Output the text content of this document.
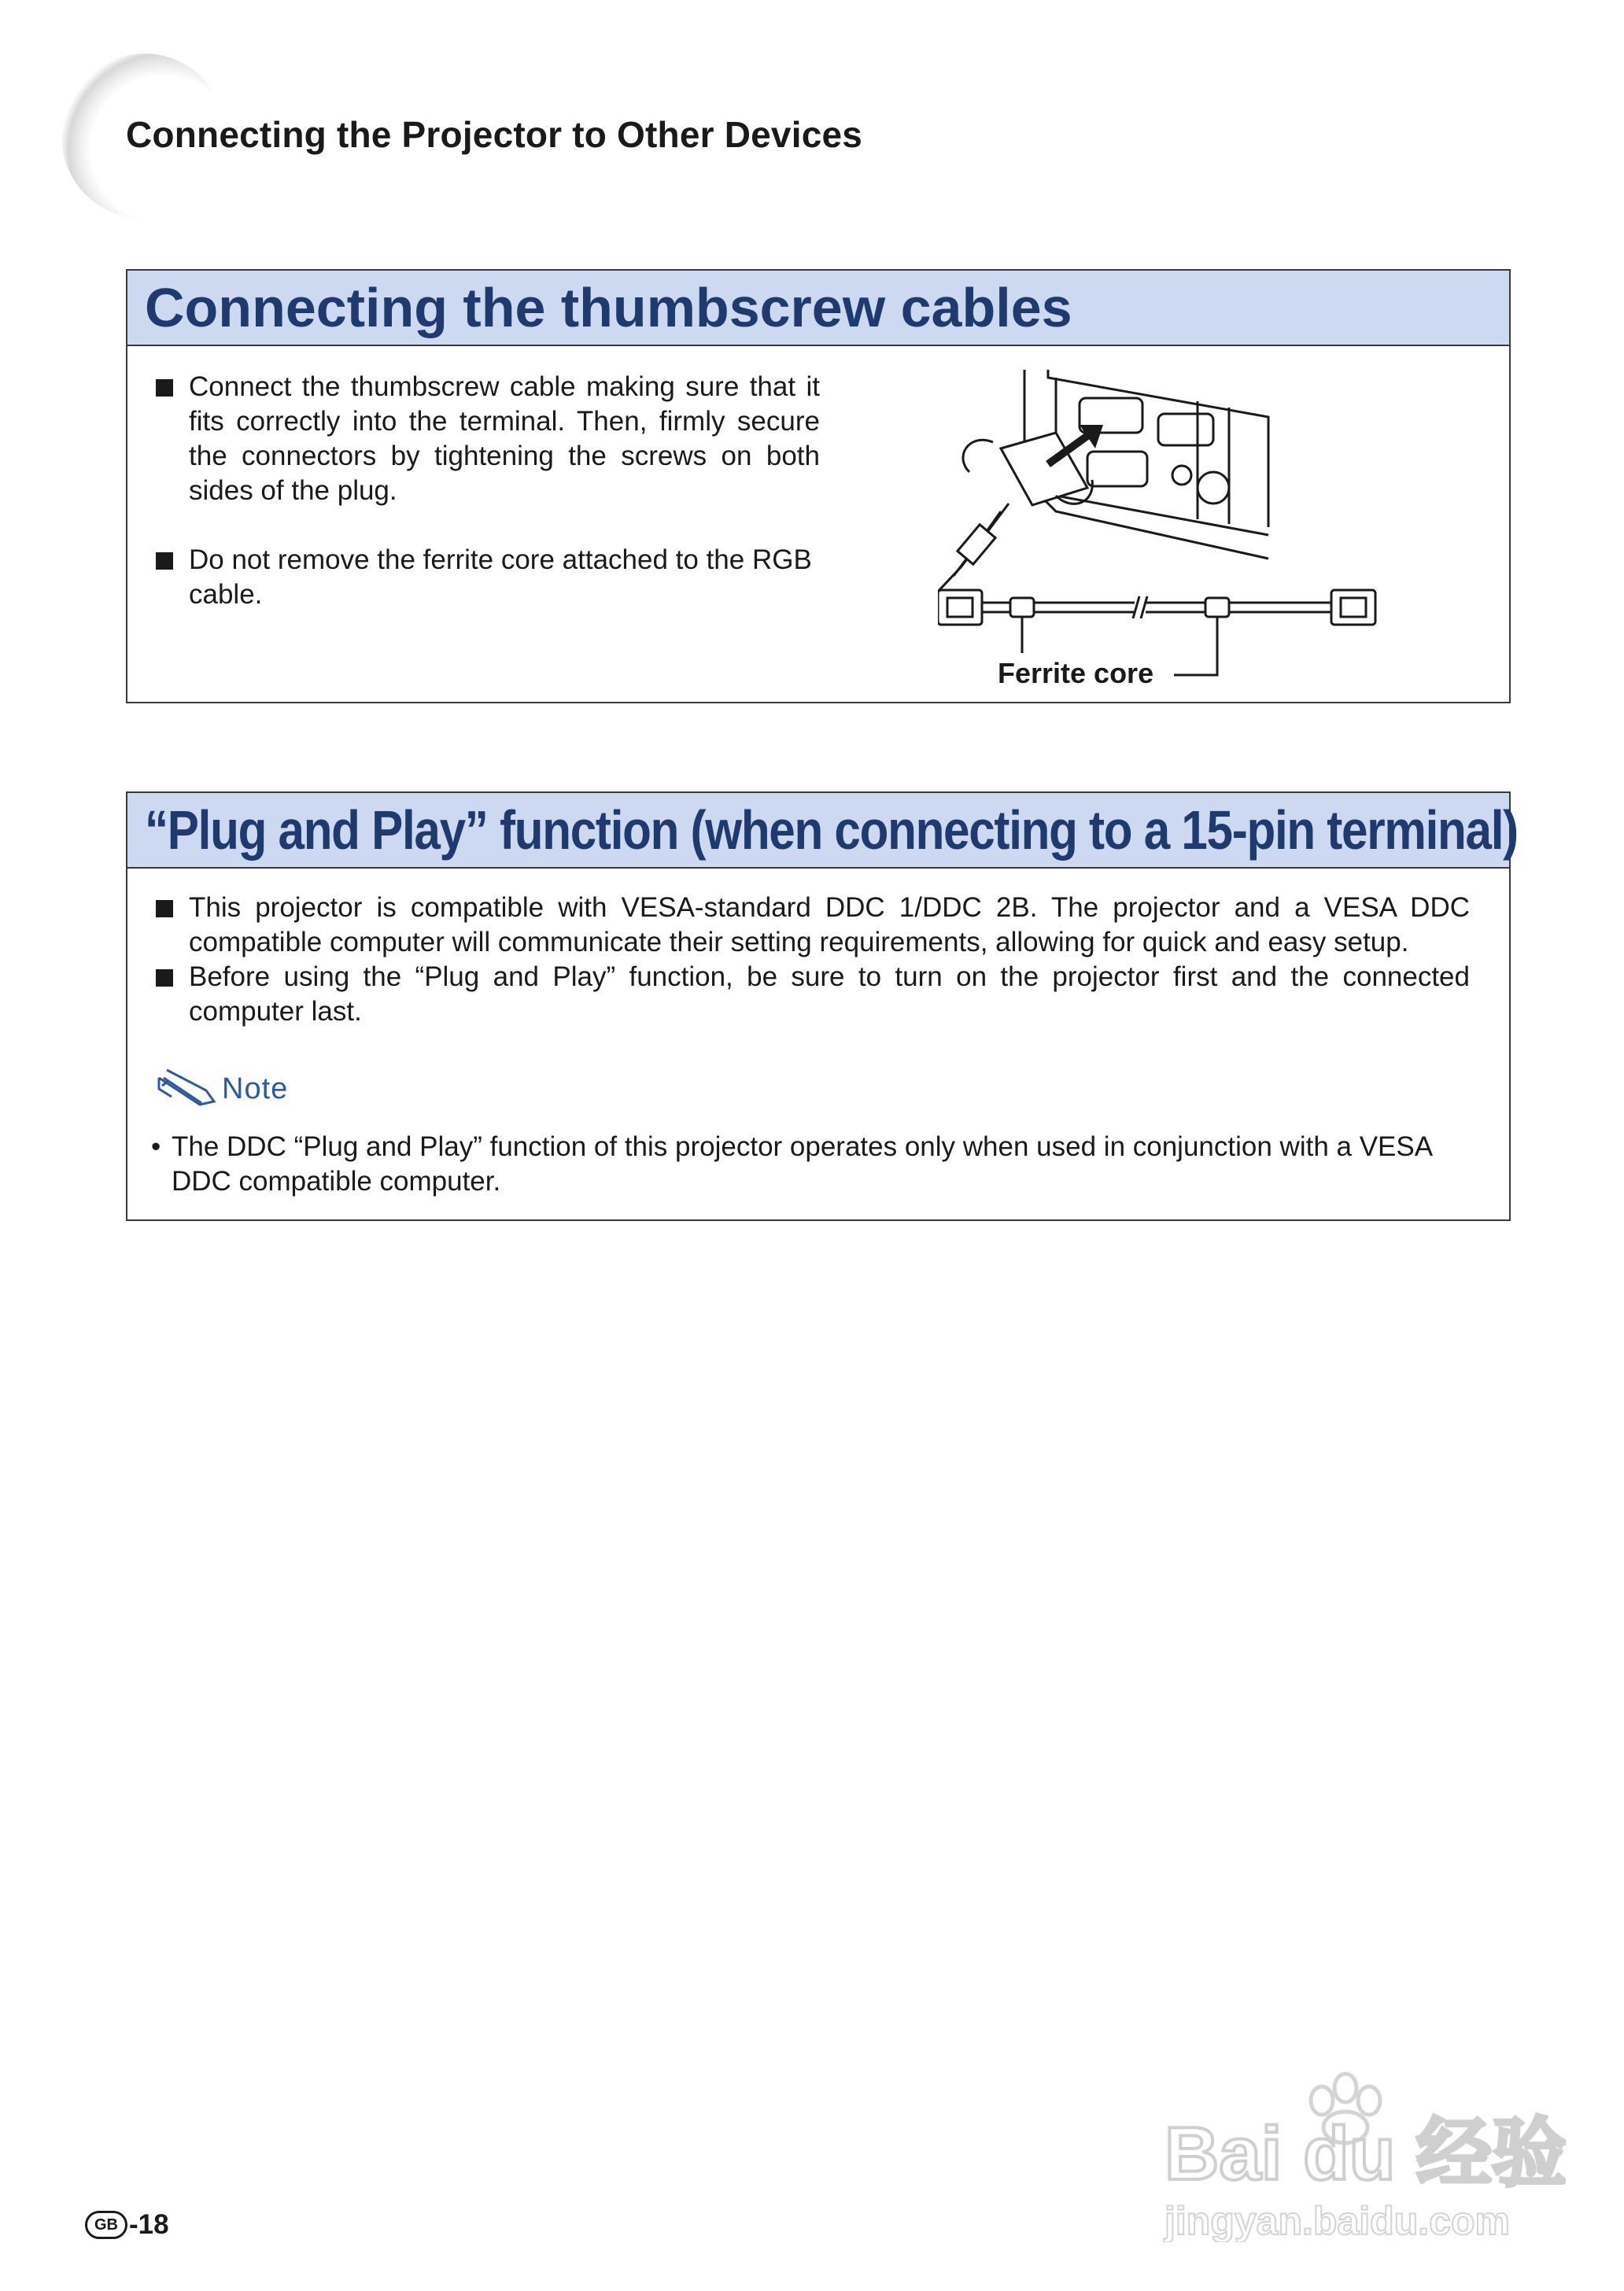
Connecting the Projector to Other Devices
Connecting the thumbscrew cables
Connect the thumbscrew cable making sure that it fits correctly into the terminal. Then, firmly secure the connectors by tightening the screws on both sides of the plug.
Do not remove the ferrite core attached to the RGB cable.
Ferrite core
“Plug and Play” function (when connecting to a 15-pin terminal)
This projector is compatible with VESA-standard DDC 1/DDC 2B. The projector and a VESA DDC compatible computer will communicate their setting requirements, allowing for quick and easy setup.
Before using the “Plug and Play” function, be sure to turn on the projector first and the connected computer last.
Note
• The DDC “Plug and Play” function of this projector operates only when used in conjunction with a VESA DDC compatible computer.
Bai du 经验
jingyan.baidu.com
GB -18
